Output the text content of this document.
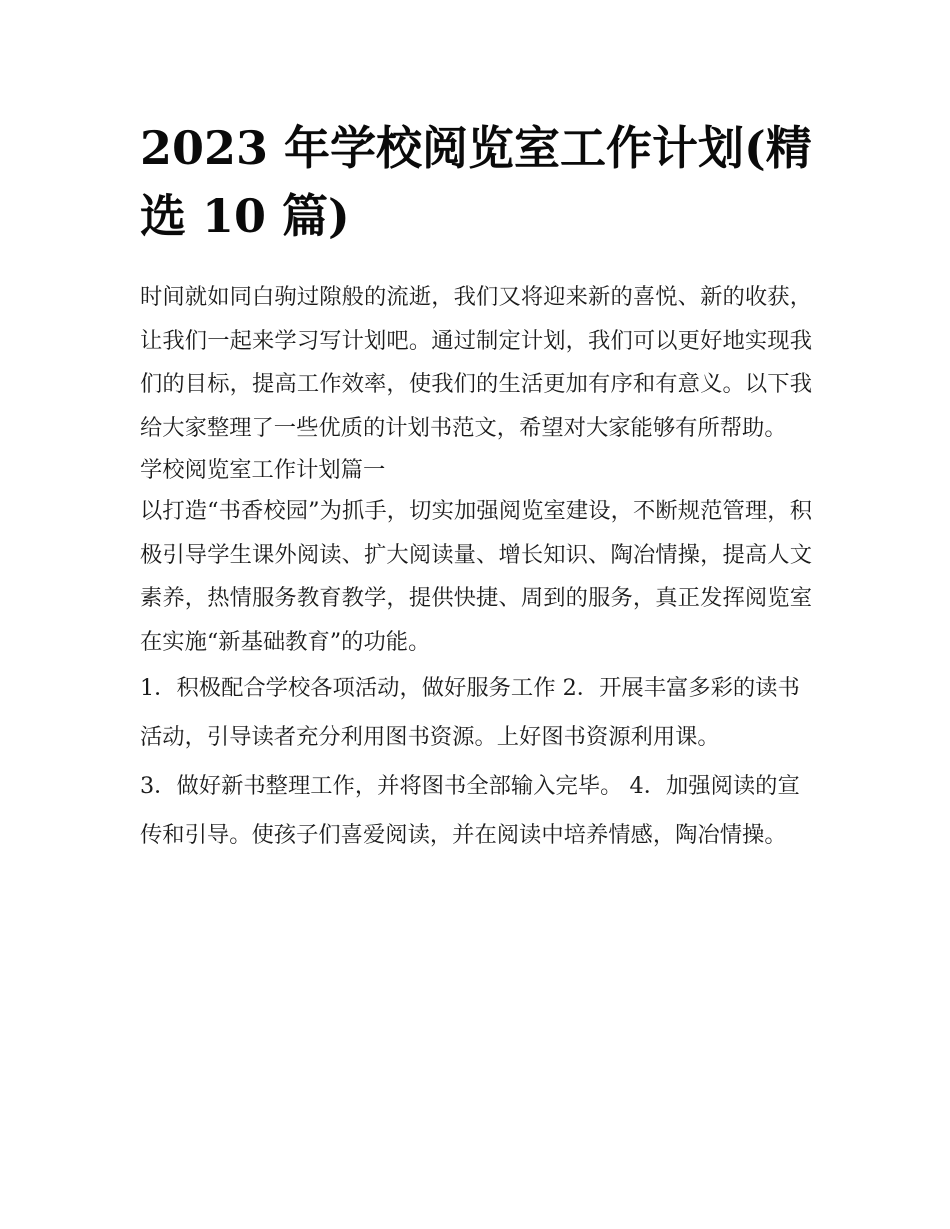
2023 年学校阅览室工作计划(精选 10 篇)

时间就如同白驹过隙般的流逝，我们又将迎来新的喜悦、新的收获，让我们一起来学习写计划吧。通过制定计划，我们可以更好地实现我们的目标，提高工作效率，使我们的生活更加有序和有意义。以下我给大家整理了一些优质的计划书范文，希望对大家能够有所帮助。

学校阅览室工作计划篇一

以打造“书香校园”为抓手，切实加强阅览室建设，不断规范管理，积极引导学生课外阅读、扩大阅读量、增长知识、陶冶情操，提高人文素养，热情服务教育教学，提供快捷、周到的服务，真正发挥阅览室在实施“新基础教育”的功能。

1．积极配合学校各项活动，做好服务工作 2．开展丰富多彩的读书活动，引导读者充分利用图书资源。上好图书资源利用课。

3．做好新书整理工作，并将图书全部输入完毕。 4．加强阅读的宣传和引导。使孩子们喜爱阅读，并在阅读中培养情感，陶冶情操。
